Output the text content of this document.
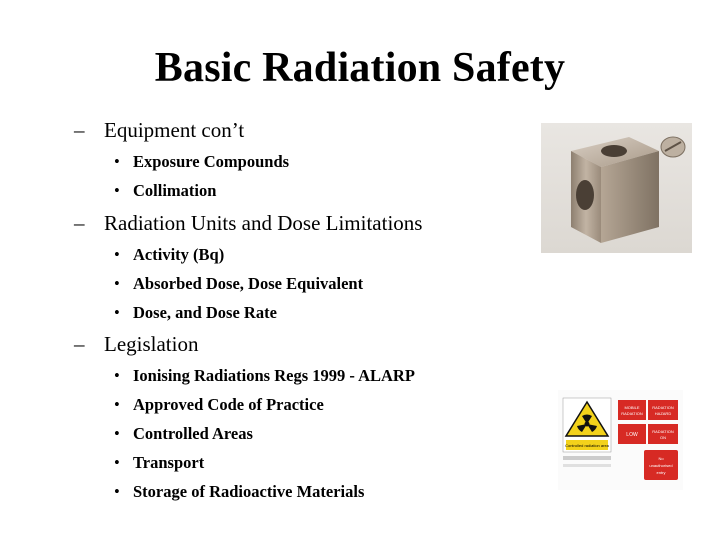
Basic Radiation Safety
– Equipment con’t
• Exposure Compounds
• Collimation
– Radiation Units and Dose Limitations
• Activity (Bq)
• Absorbed Dose, Dose Equivalent
• Dose, and Dose Rate
– Legislation
• Ionising Radiations Regs 1999 - ALARP
• Approved Code of Practice
• Controlled Areas
• Transport
• Storage of Radioactive Materials
Controlled radiation area
MOBILE
RADIATION
RADIATION
HAZARD
LOW
RADIATION
ON
No
unauthorised
entry
